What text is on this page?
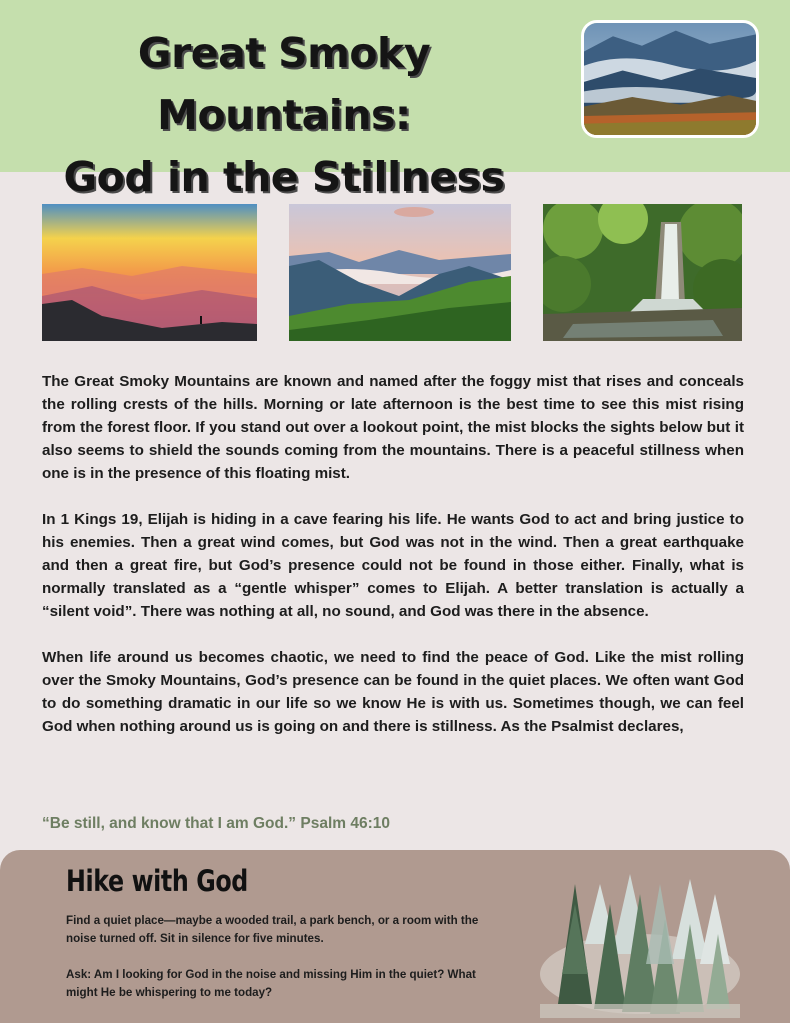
Great Smoky Mountains:
God in the Stillness

The Great Smoky Mountains are known and named after the foggy mist that rises and conceals the rolling crests of the hills. Morning or late afternoon is the best time to see this mist rising from the forest floor. If you stand out over a lookout point, the mist blocks the sights below but it also seems to shield the sounds coming from the mountains. There is a peaceful stillness when one is in the presence of this floating mist.

In 1 Kings 19, Elijah is hiding in a cave fearing his life. He wants God to act and bring justice to his enemies. Then a great wind comes, but God was not in the wind. Then a great earthquake and then a great fire, but God’s presence could not be found in those either. Finally, what is normally translated as a “gentle whisper” comes to Elijah. A better translation is actually a “silent void”. There was nothing at all, no sound, and God was there in the absence.

When life around us becomes chaotic, we need to find the peace of God. Like the mist rolling over the Smoky Mountains, God’s presence can be found in the quiet places. We often want God to do something dramatic in our life so we know He is with us. Sometimes though, we can feel God when nothing around us is going on and there is stillness. As the Psalmist declares,

“Be still, and know that I am God.” Psalm 46:10

Hike with God

Find a quiet place—maybe a wooded trail, a park bench, or a room with the noise turned off. Sit in silence for five minutes.

Ask: Am I looking for God in the noise and missing Him in the quiet? What might He be whispering to me today?
